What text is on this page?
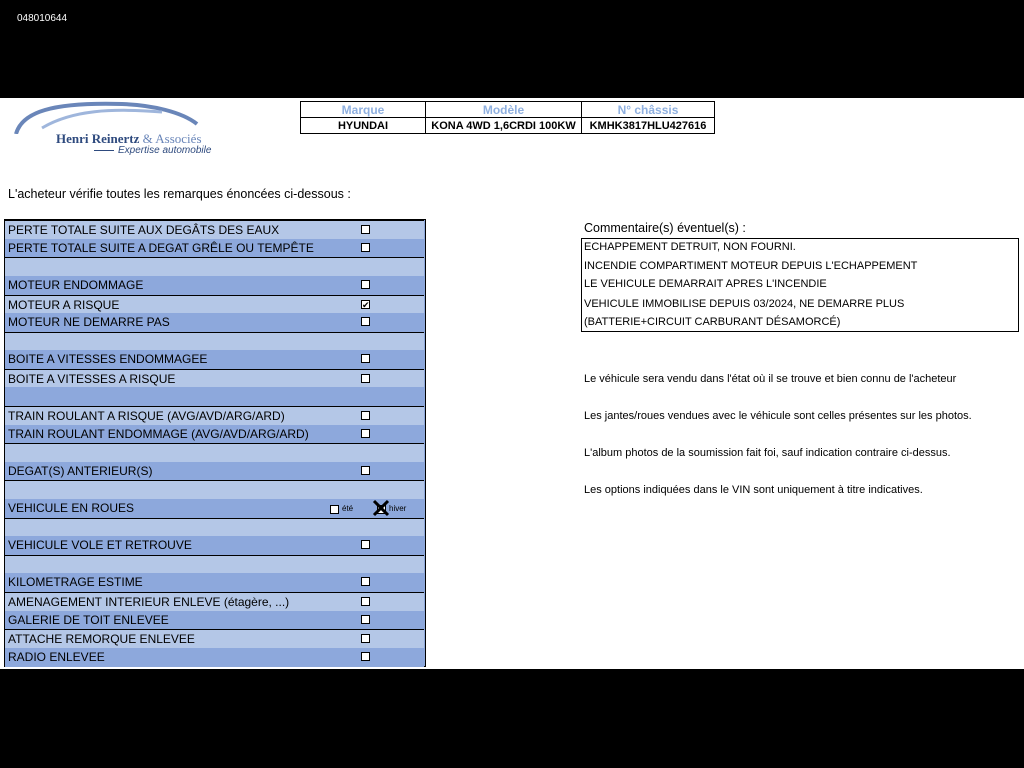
048010644
Henri Reinertz & Associés
Expertise automobile
Marque	Modèle	N° châssis
HYUNDAI	KONA 4WD 1,6CRDI 100KW	KMHK3817HLU427616
L'acheteur vérifie toutes les remarques énoncées ci-dessous :
PERTE TOTALE SUITE AUX DEGÂTS DES EAUX
PERTE TOTALE SUITE A DEGAT GRÊLE OU TEMPÊTE
MOTEUR ENDOMMAGE
MOTEUR A RISQUE	✔
MOTEUR NE DEMARRE PAS
BOITE A VITESSES ENDOMMAGEE
BOITE A VITESSES A RISQUE
TRAIN ROULANT A RISQUE (AVG/AVD/ARG/ARD)
TRAIN ROULANT ENDOMMAGE (AVG/AVD/ARG/ARD)
DEGAT(S) ANTERIEUR(S)
VEHICULE EN ROUES	été	hiver
VEHICULE VOLE ET RETROUVE
KILOMETRAGE ESTIME
AMENAGEMENT INTERIEUR ENLEVE (étagère, ...)
GALERIE DE TOIT ENLEVEE
ATTACHE REMORQUE ENLEVEE
RADIO ENLEVEE
Commentaire(s) éventuel(s) :
ECHAPPEMENT DETRUIT, NON FOURNI.
INCENDIE COMPARTIMENT MOTEUR DEPUIS L'ECHAPPEMENT
LE VEHICULE DEMARRAIT APRES L'INCENDIE
VEHICULE IMMOBILISE DEPUIS 03/2024, NE DEMARRE PLUS
(BATTERIE+CIRCUIT CARBURANT DÉSAMORCÉ)
Le véhicule sera vendu dans l'état où il se trouve et bien connu de l'acheteur
Les jantes/roues vendues avec le véhicule sont celles présentes sur les photos.
L'album photos de la soumission fait foi, sauf indication contraire ci-dessus.
Les options indiquées dans le VIN sont uniquement à titre indicatives.
